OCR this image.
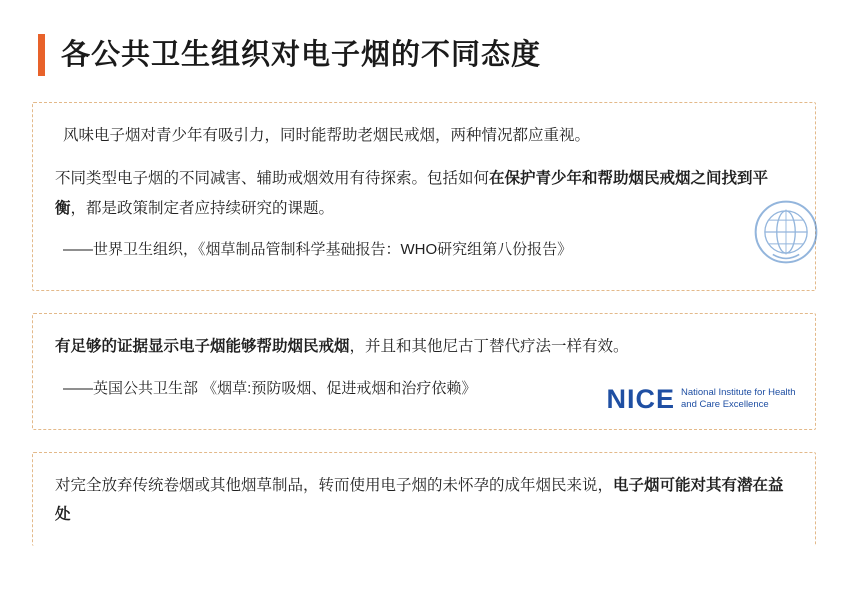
各公共卫生组织对电子烟的不同态度

风味电子烟对青少年有吸引力，同时能帮助老烟民戒烟，两种情况都应重视。

不同类型电子烟的不同减害、辅助戒烟效用有待探索。包括如何在保护青少年和帮助烟民戒烟之间找到平衡，都是政策制定者应持续研究的课题。

——世界卫生组织，《烟草制品管制科学基础报告：WHO研究组第八份报告》

有足够的证据显示电子烟能够帮助烟民戒烟，并且和其他尼古丁替代疗法一样有效。

——英国公共卫生部 《烟草:预防吸烟、促进戒烟和治疗依赖》	NICE National Institute for Health and Care Excellence

对完全放弃传统卷烟或其他烟草制品，转而使用电子烟的未怀孕的成年烟民来说，电子烟可能对其有潜在益处
